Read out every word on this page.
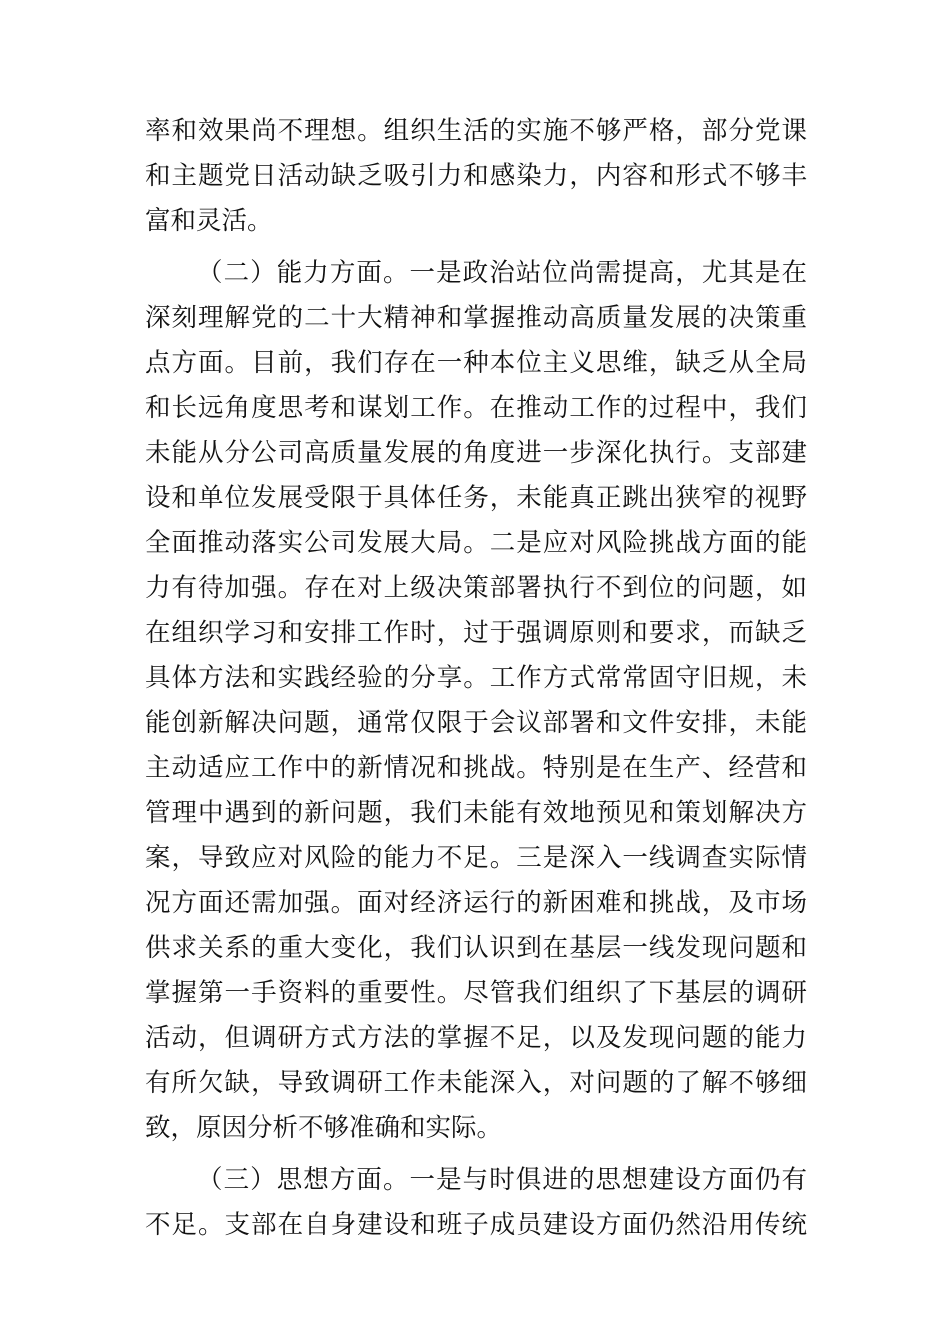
率和效果尚不理想。组织生活的实施不够严格，部分党课
和主题党日活动缺乏吸引力和感染力，内容和形式不够丰
富和灵活。
（二）能力方面。一是政治站位尚需提高，尤其是在
深刻理解党的二十大精神和掌握推动高质量发展的决策重
点方面。目前，我们存在一种本位主义思维，缺乏从全局
和长远角度思考和谋划工作。在推动工作的过程中，我们
未能从分公司高质量发展的角度进一步深化执行。支部建
设和单位发展受限于具体任务，未能真正跳出狭窄的视野
全面推动落实公司发展大局。二是应对风险挑战方面的能
力有待加强。存在对上级决策部署执行不到位的问题，如
在组织学习和安排工作时，过于强调原则和要求，而缺乏
具体方法和实践经验的分享。工作方式常常固守旧规，未
能创新解决问题，通常仅限于会议部署和文件安排，未能
主动适应工作中的新情况和挑战。特别是在生产、经营和
管理中遇到的新问题，我们未能有效地预见和策划解决方
案，导致应对风险的能力不足。三是深入一线调查实际情
况方面还需加强。面对经济运行的新困难和挑战，及市场
供求关系的重大变化，我们认识到在基层一线发现问题和
掌握第一手资料的重要性。尽管我们组织了下基层的调研
活动，但调研方式方法的掌握不足，以及发现问题的能力
有所欠缺，导致调研工作未能深入，对问题的了解不够细
致，原因分析不够准确和实际。
（三）思想方面。一是与时俱进的思想建设方面仍有
不足。支部在自身建设和班子成员建设方面仍然沿用传统
